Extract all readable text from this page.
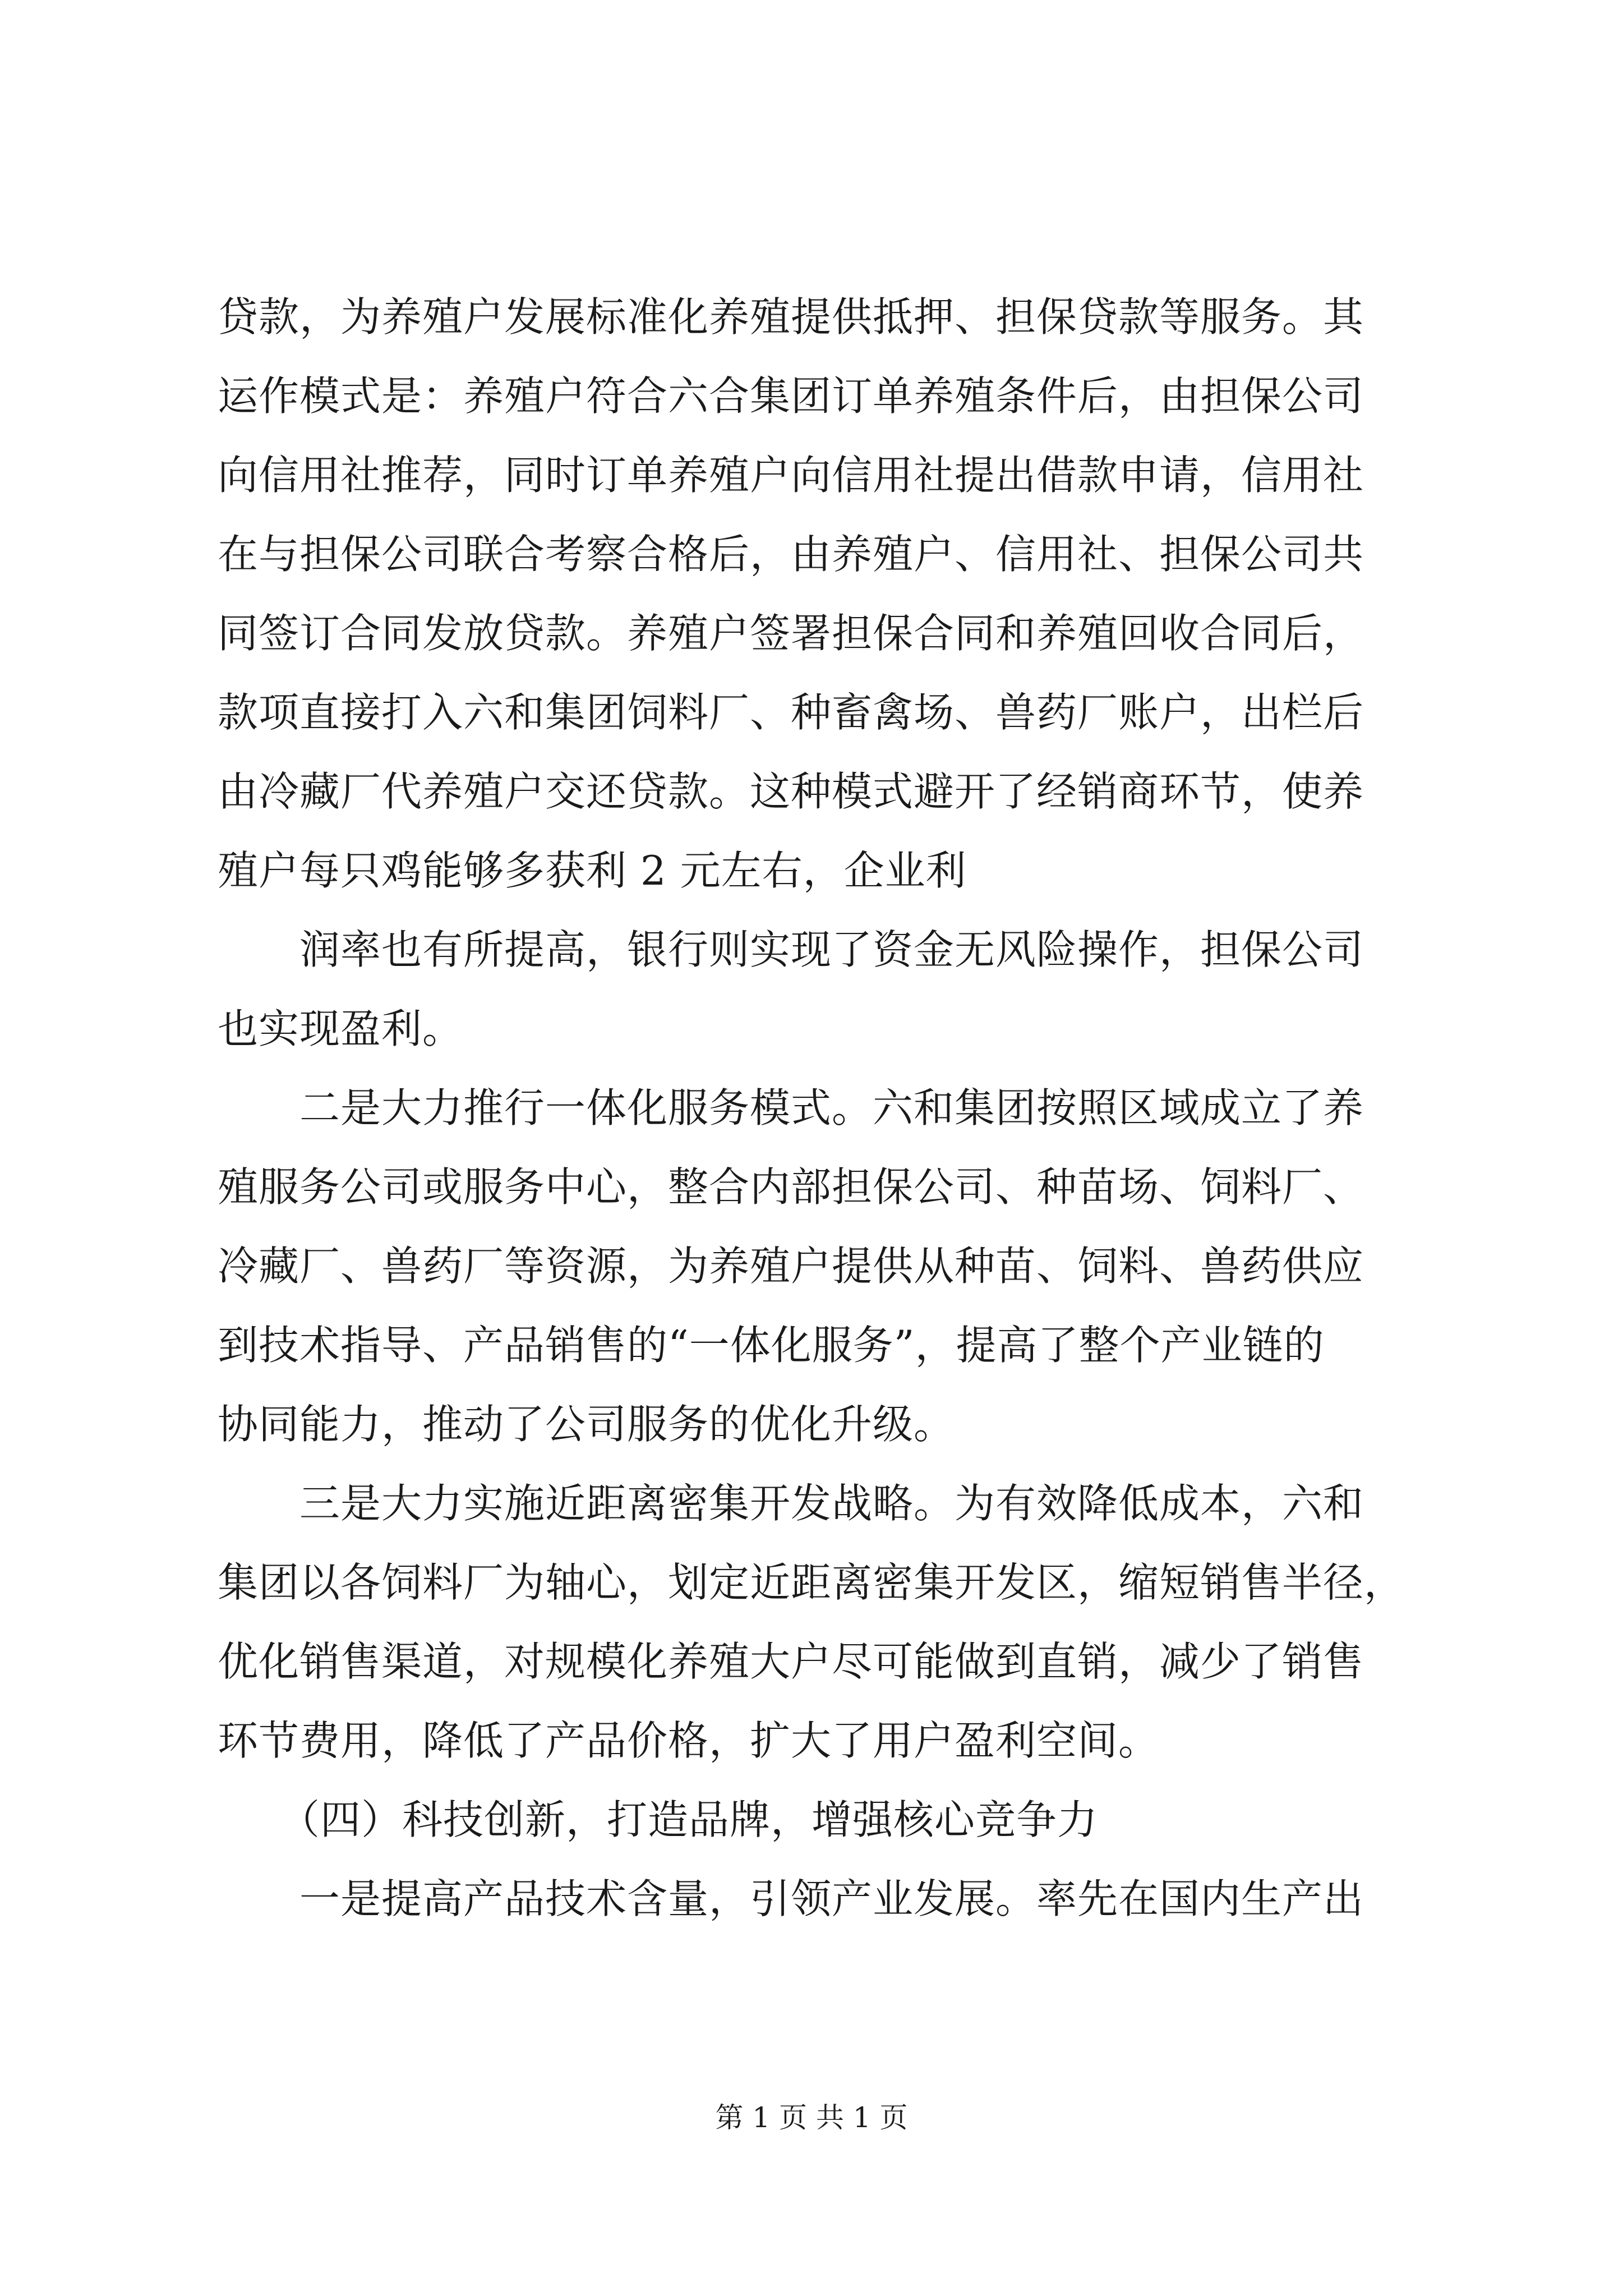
贷款，为养殖户发展标准化养殖提供抵押、担保贷款等服务。其
运作模式是：养殖户符合六合集团订单养殖条件后，由担保公司
向信用社推荐，同时订单养殖户向信用社提出借款申请，信用社
在与担保公司联合考察合格后，由养殖户、信用社、担保公司共
同签订合同发放贷款。养殖户签署担保合同和养殖回收合同后，
款项直接打入六和集团饲料厂、种畜禽场、兽药厂账户，出栏后
由冷藏厂代养殖户交还贷款。这种模式避开了经销商环节，使养
殖户每只鸡能够多获利 2 元左右，企业利
　　润率也有所提高，银行则实现了资金无风险操作，担保公司
也实现盈利。
　　二是大力推行一体化服务模式。六和集团按照区域成立了养
殖服务公司或服务中心，整合内部担保公司、种苗场、饲料厂、
冷藏厂、兽药厂等资源，为养殖户提供从种苗、饲料、兽药供应
到技术指导、产品销售的“一体化服务”，提高了整个产业链的
协同能力，推动了公司服务的优化升级。
　　三是大力实施近距离密集开发战略。为有效降低成本，六和
集团以各饲料厂为轴心，划定近距离密集开发区，缩短销售半径，
优化销售渠道，对规模化养殖大户尽可能做到直销，减少了销售
环节费用，降低了产品价格，扩大了用户盈利空间。
　　（四）科技创新，打造品牌，增强核心竞争力
　　一是提高产品技术含量，引领产业发展。率先在国内生产出
第 1 页 共 1 页
